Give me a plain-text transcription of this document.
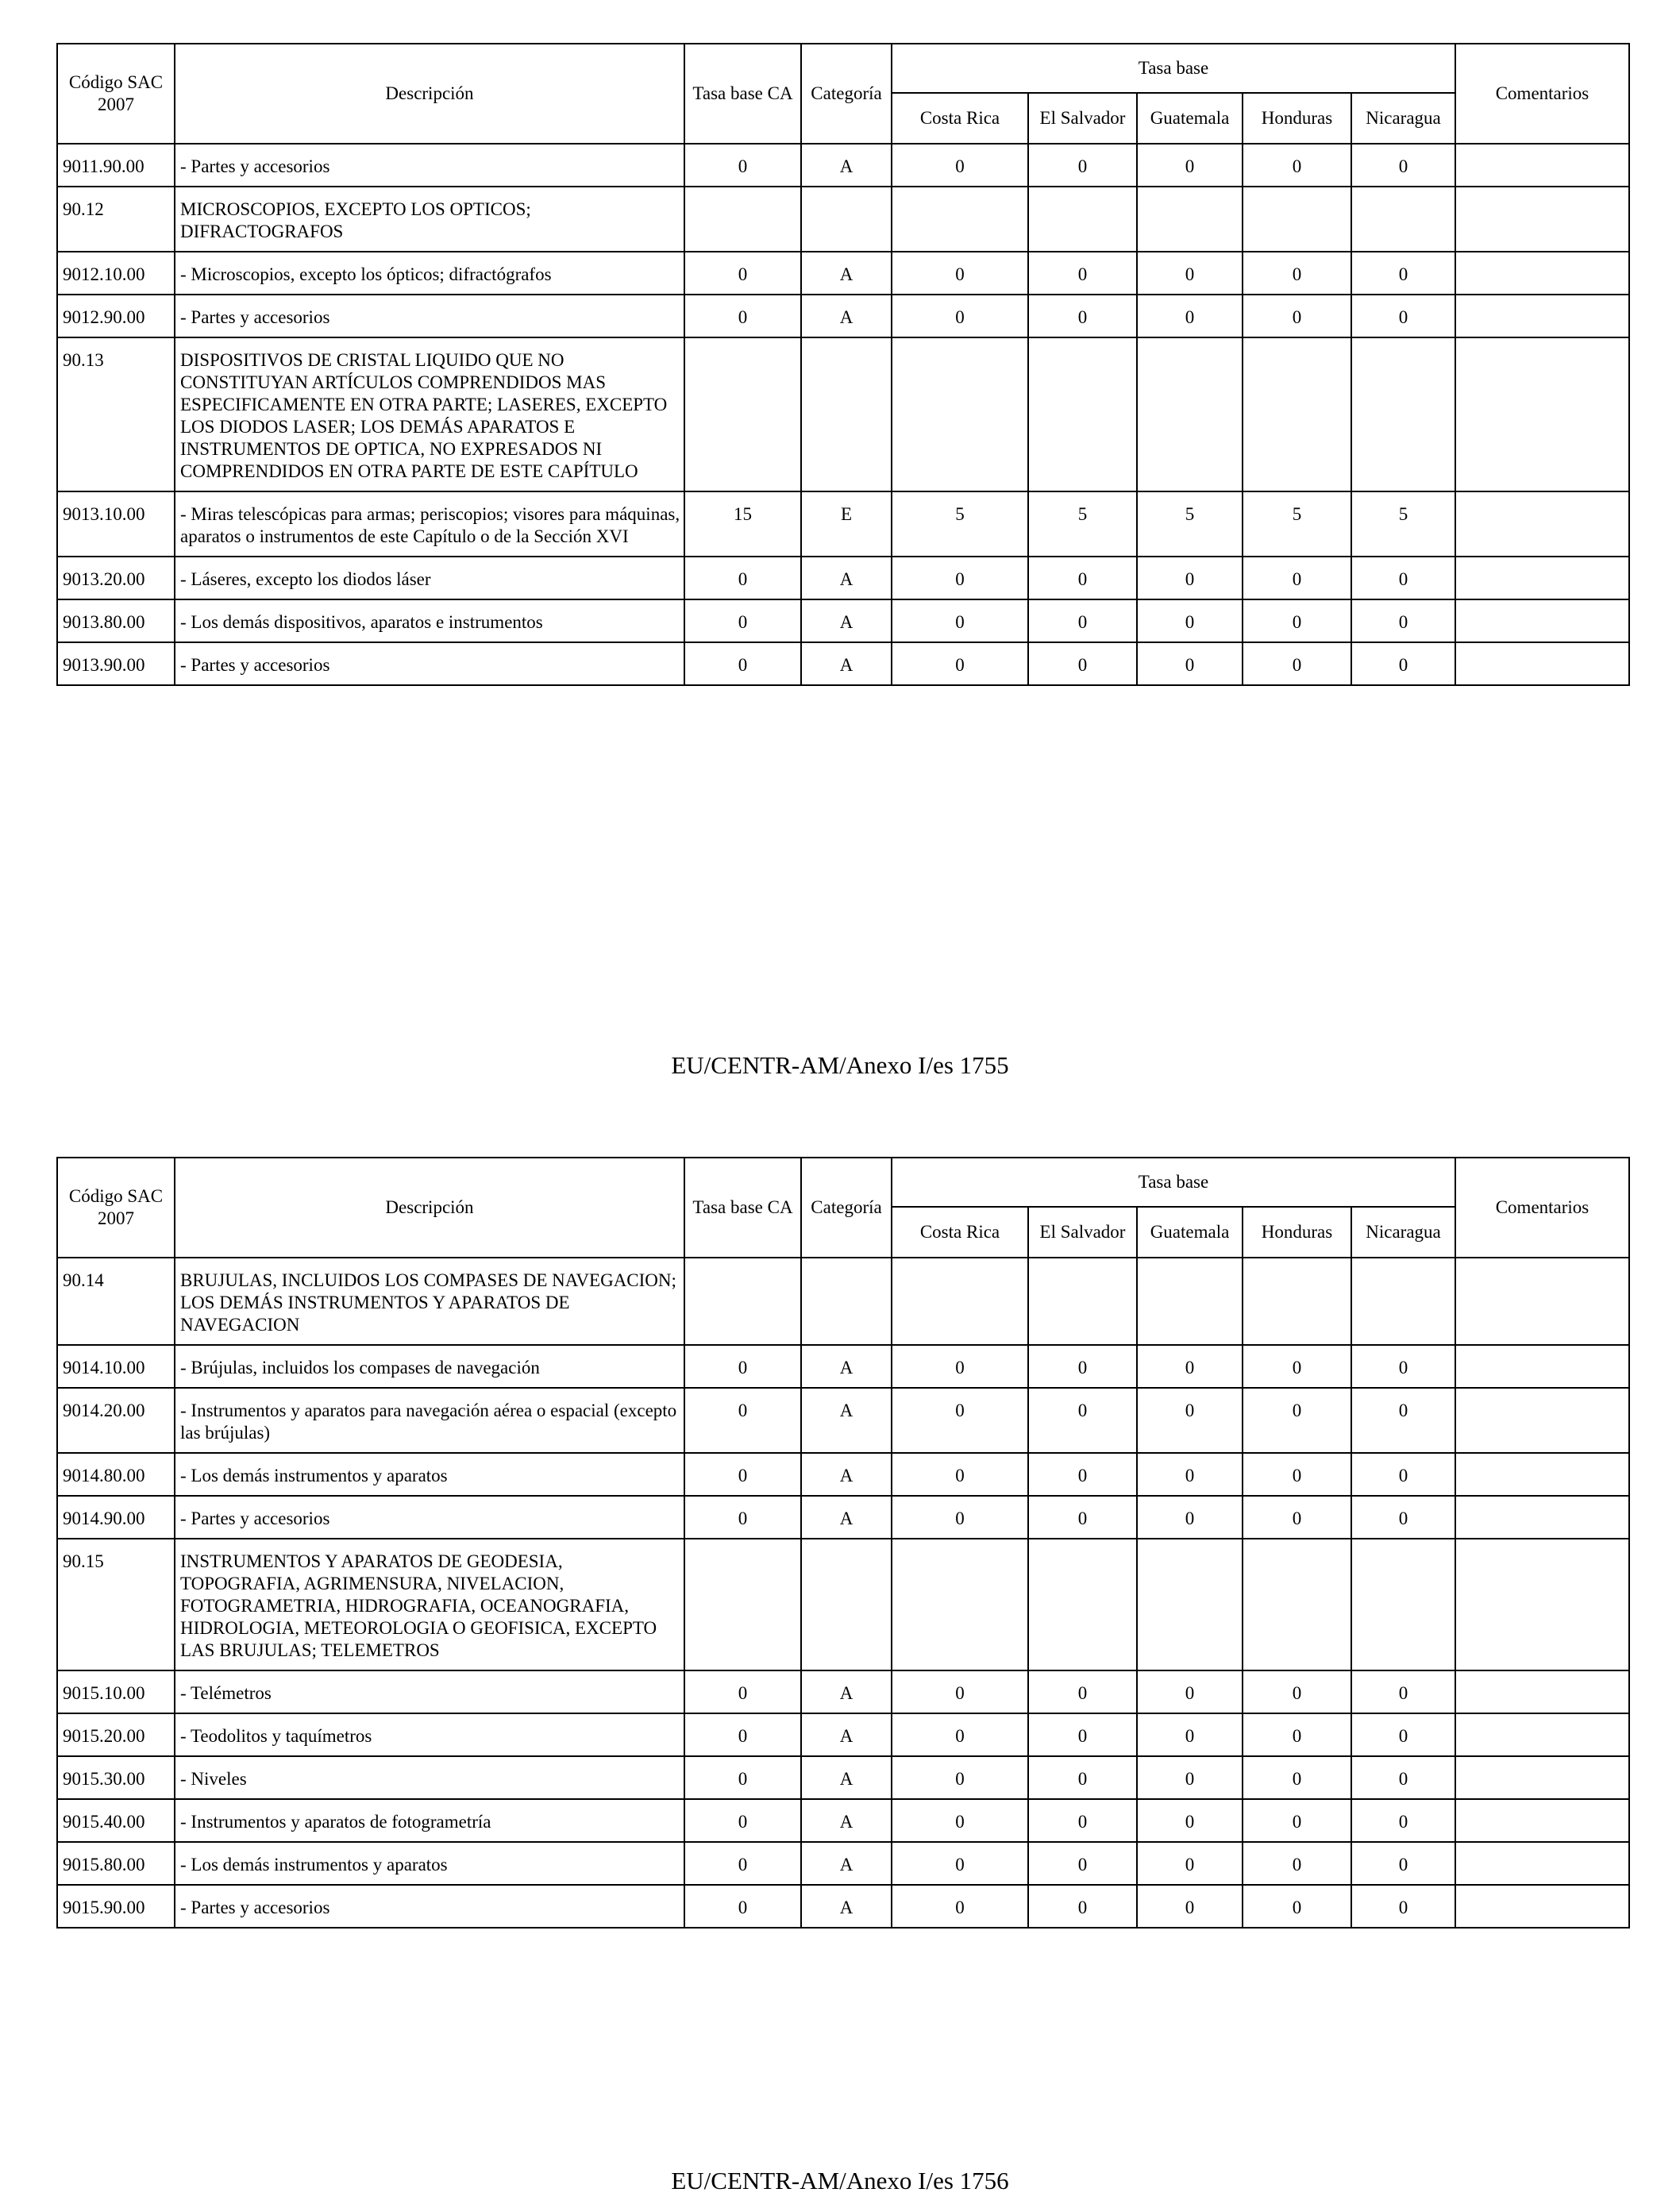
Código SAC 2007	Descripción	Tasa base CA	Categoría	Tasa base					Comentarios
				Costa Rica	El Salvador	Guatemala	Honduras	Nicaragua	
9011.90.00	- Partes y accesorios	0	A	0	0	0	0	0	
90.12	MICROSCOPIOS, EXCEPTO LOS OPTICOS; DIFRACTOGRAFOS								
9012.10.00	- Microscopios, excepto los ópticos; difractógrafos	0	A	0	0	0	0	0	
9012.90.00	- Partes y accesorios	0	A	0	0	0	0	0	
90.13	DISPOSITIVOS DE CRISTAL LIQUIDO QUE NO CONSTITUYAN ARTÍCULOS COMPRENDIDOS MAS ESPECIFICAMENTE EN OTRA PARTE; LASERES, EXCEPTO LOS DIODOS LASER; LOS DEMÁS APARATOS E INSTRUMENTOS DE OPTICA, NO EXPRESADOS NI COMPRENDIDOS EN OTRA PARTE DE ESTE CAPÍTULO								
9013.10.00	- Miras telescópicas para armas; periscopios; visores para máquinas, aparatos o instrumentos de este Capítulo o de la Sección XVI	15	E	5	5	5	5	5	
9013.20.00	- Láseres, excepto los diodos láser	0	A	0	0	0	0	0	
9013.80.00	- Los demás dispositivos, aparatos e instrumentos	0	A	0	0	0	0	0	
9013.90.00	- Partes y accesorios	0	A	0	0	0	0	0	
EU/CENTR-AM/Anexo I/es 1755
Código SAC 2007	Descripción	Tasa base CA	Categoría	Tasa base					Comentarios
				Costa Rica	El Salvador	Guatemala	Honduras	Nicaragua	
90.14	BRUJULAS, INCLUIDOS LOS COMPASES DE NAVEGACION; LOS DEMÁS INSTRUMENTOS Y APARATOS DE NAVEGACION								
9014.10.00	- Brújulas, incluidos los compases de navegación	0	A	0	0	0	0	0	
9014.20.00	- Instrumentos y aparatos para navegación aérea o espacial (excepto las brújulas)	0	A	0	0	0	0	0	
9014.80.00	- Los demás instrumentos y aparatos	0	A	0	0	0	0	0	
9014.90.00	- Partes y accesorios	0	A	0	0	0	0	0	
90.15	INSTRUMENTOS Y APARATOS DE GEODESIA, TOPOGRAFIA, AGRIMENSURA, NIVELACION, FOTOGRAMETRIA, HIDROGRAFIA, OCEANOGRAFIA, HIDROLOGIA, METEOROLOGIA O GEOFISICA, EXCEPTO LAS BRUJULAS; TELEMETROS								
9015.10.00	- Telémetros	0	A	0	0	0	0	0	
9015.20.00	- Teodolitos y taquímetros	0	A	0	0	0	0	0	
9015.30.00	- Niveles	0	A	0	0	0	0	0	
9015.40.00	- Instrumentos y aparatos de fotogrametría	0	A	0	0	0	0	0	
9015.80.00	- Los demás instrumentos y aparatos	0	A	0	0	0	0	0	
9015.90.00	- Partes y accesorios	0	A	0	0	0	0	0	
EU/CENTR-AM/Anexo I/es 1756
